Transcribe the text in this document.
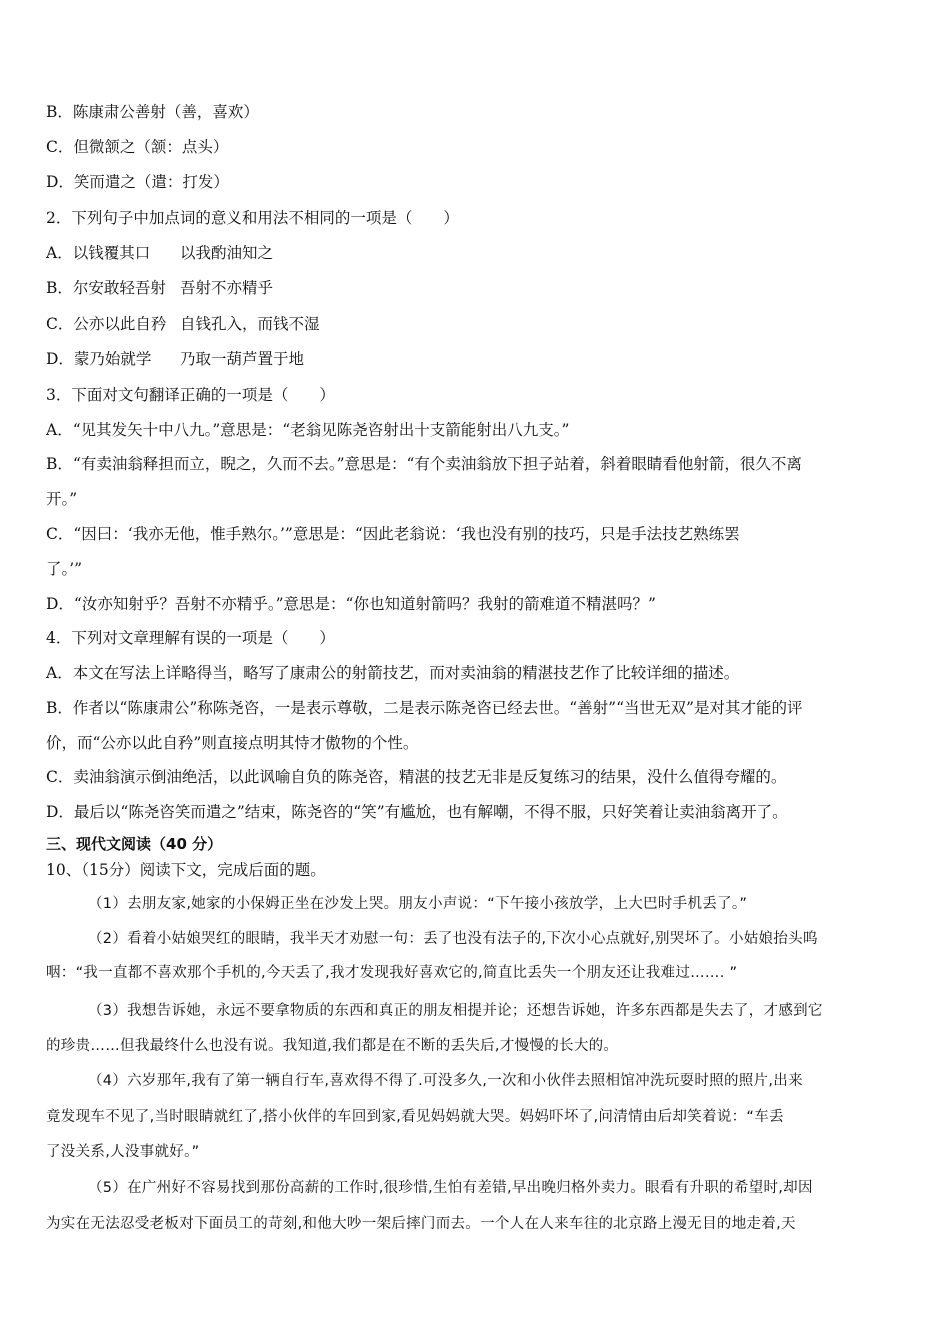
B．陈康肃公善射（善，喜欢）
C．但微颔之（颔：点头）
D．笑而遣之（遣：打发）
2．下列句子中加点词的意义和用法不相同的一项是（　　）
A．以钱覆其口 以我酌油知之
B．尔安敢轻吾射 吾射不亦精乎
C．公亦以此自矜 自钱孔入，而钱不湿
D．蒙乃始就学 乃取一葫芦置于地
3．下面对文句翻译正确的一项是（　　）
A．“见其发矢十中八九。”意思是：“老翁见陈尧咨射出十支箭能射出八九支。”
B．“有卖油翁释担而立，睨之，久而不去。”意思是：“有个卖油翁放下担子站着，斜着眼睛看他射箭，很久不离
开。”
C．“因曰：‘我亦无他，惟手熟尔。’”意思是：“因此老翁说：‘我也没有别的技巧，只是手法技艺熟练罢
了。’”
D．“汝亦知射乎？吾射不亦精乎。”意思是：“你也知道射箭吗？我射的箭难道不精湛吗？”
4．下列对文章理解有误的一项是（　　）
A．本文在写法上详略得当，略写了康肃公的射箭技艺，而对卖油翁的精湛技艺作了比较详细的描述。
B．作者以“陈康肃公”称陈尧咨，一是表示尊敬，二是表示陈尧咨已经去世。“善射”“当世无双”是对其才能的评
价，而“公亦以此自矜”则直接点明其恃才傲物的个性。
C．卖油翁演示倒油绝活，以此讽喻自负的陈尧咨，精湛的技艺无非是反复练习的结果，没什么值得夸耀的。
D．最后以“陈尧咨笑而遣之”结束，陈尧咨的“笑”有尴尬，也有解嘲，不得不服，只好笑着让卖油翁离开了。
三、现代文阅读（40 分）
10、（15分）阅读下文，完成后面的题。
（1）去朋友家,她家的小保姆正坐在沙发上哭。朋友小声说：“下午接小孩放学，上大巴时手机丢了。”
（2）看着小姑娘哭红的眼睛，我半天才劝慰一句：丢了也没有法子的,下次小心点就好,别哭坏了。小姑娘抬头呜
咽：“我一直都不喜欢那个手机的,今天丢了,我才发现我好喜欢它的,简直比丢失一个朋友还让我难过……. ”
（3）我想告诉她，永远不要拿物质的东西和真正的朋友相提并论；还想告诉她，许多东西都是失去了，才感到它
的珍贵……但我最终什么也没有说。我知道,我们都是在不断的丢失后,才慢慢的长大的。
（4）六岁那年,我有了第一辆自行车,喜欢得不得了.可没多久,一次和小伙伴去照相馆冲洗玩耍时照的照片,出来
竟发现车不见了,当时眼睛就红了,搭小伙伴的车回到家,看见妈妈就大哭。妈妈吓坏了,问清情由后却笑着说：“车丢
了没关系,人没事就好。”
（5）在广州好不容易找到那份高薪的工作时,很珍惜,生怕有差错,早出晚归格外卖力。眼看有升职的希望时,却因
为实在无法忍受老板对下面员工的苛刻,和他大吵一架后摔门而去。一个人在人来车往的北京路上漫无目的地走着,天
